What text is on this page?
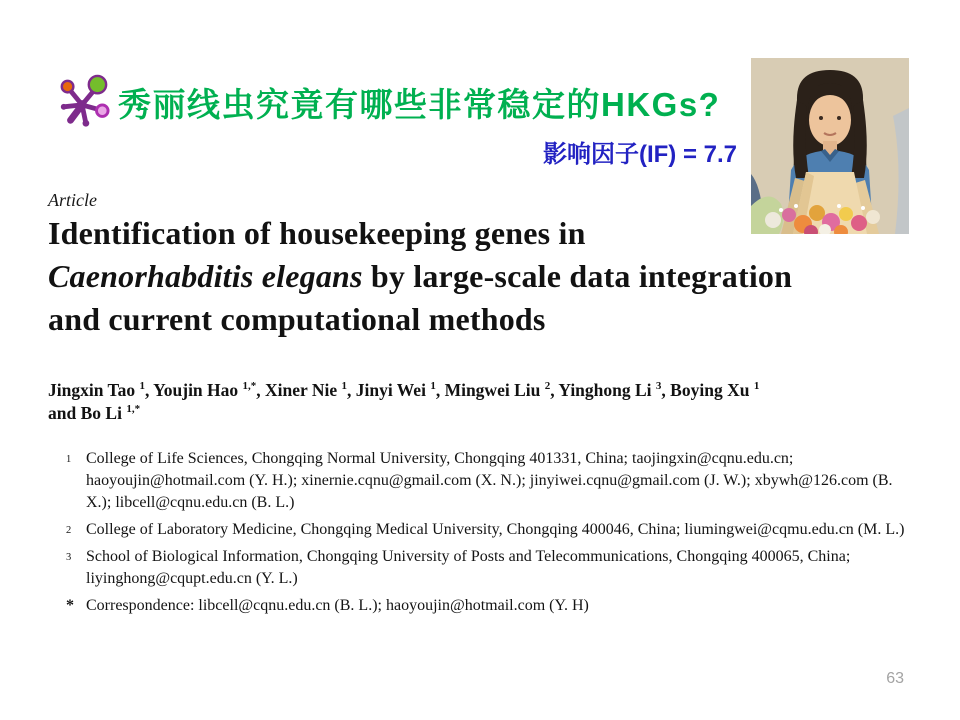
秀丽线虫究竟有哪些非常稳定的HKGs?
影响因子(IF) = 7.7
Article
Identification of housekeeping genes in
Caenorhabditis elegans by large-scale data integration
and current computational methods

Jingxin Tao $^1$, Youjin Hao $^{1,*}$, Xiner Nie $^1$, Jinyi Wei $^1$, Mingwei Liu $^2$, Yinghong Li $^3$, Boying Xu $^1$
and Bo Li $^{1,*}$

1 College of Life Sciences, Chongqing Normal University, Chongqing 401331, China; taojingxin@cqnu.edu.cn; haoyoujin@hotmail.com (Y. H.); xinernie.cqnu@gmail.com (X. N.); jinyiwei.cqnu@gmail.com (J. W.); xbywh@126.com (B. X.); libcell@cqnu.edu.cn (B. L.)
2 College of Laboratory Medicine, Chongqing Medical University, Chongqing 400046, China; liumingwei@cqmu.edu.cn (M. L.)
3 School of Biological Information, Chongqing University of Posts and Telecommunications, Chongqing 400065, China; liyinghong@cqupt.edu.cn (Y. L.)
* Correspondence: libcell@cqnu.edu.cn (B. L.); haoyoujin@hotmail.com (Y. H)
63
